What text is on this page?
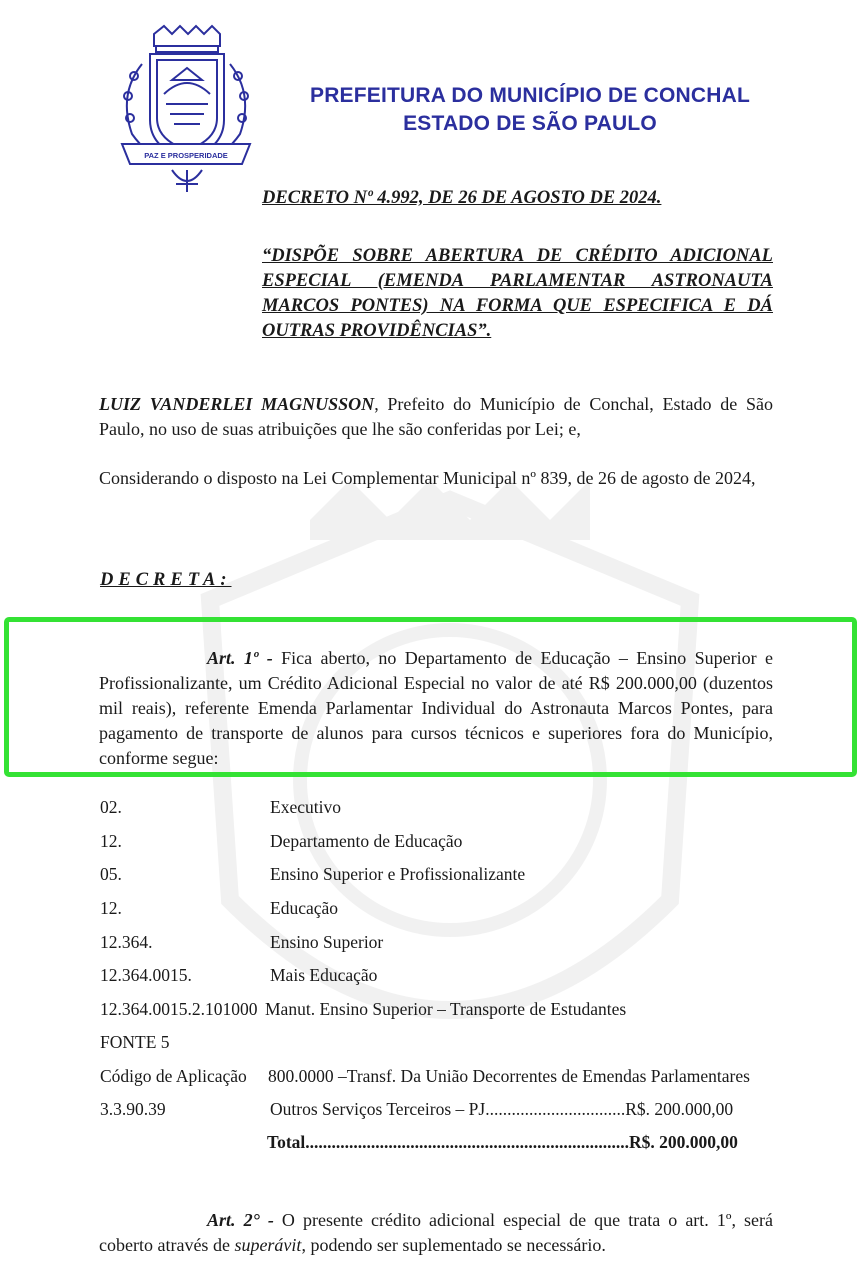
PAZ E PROSPERIDADE
PREFEITURA DO MUNICÍPIO DE CONCHAL
ESTADO DE SÃO PAULO
DECRETO Nº 4.992, DE 26 DE AGOSTO DE 2024.
“DISPÕE SOBRE ABERTURA DE CRÉDITO ADICIONAL ESPECIAL (EMENDA PARLAMENTAR ASTRONAUTA MARCOS PONTES) NA FORMA QUE ESPECIFICA E DÁ OUTRAS PROVIDÊNCIAS”.
LUIZ VANDERLEI MAGNUSSON, Prefeito do Município de Conchal, Estado de São Paulo, no uso de suas atribuições que lhe são conferidas por Lei; e,
Considerando o disposto na Lei Complementar Municipal nº 839, de 26 de agosto de 2024,
DECRETA:
Art. 1º - Fica aberto, no Departamento de Educação – Ensino Superior e Profissionalizante, um Crédito Adicional Especial no valor de até R$ 200.000,00 (duzentos mil reais), referente Emenda Parlamentar Individual do Astronauta Marcos Pontes, para pagamento de transporte de alunos para cursos técnicos e superiores fora do Município, conforme segue:
02.	Executivo
12.	Departamento de Educação
05.	Ensino Superior e Profissionalizante
12.	Educação
12.364.	Ensino Superior
12.364.0015.	Mais Educação
12.364.0015.2.101000 Manut. Ensino Superior – Transporte de Estudantes
FONTE 5
Código de Aplicação 800.0000 –Transf. Da União Decorrentes de Emendas Parlamentares
3.3.90.39	Outros Serviços Terceiros – PJ................................R$. 200.000,00
Total..........................................................................R$. 200.000,00
Art. 2° - O presente crédito adicional especial de que trata o art. 1º, será coberto através de superávit, podendo ser suplementado se necessário.
